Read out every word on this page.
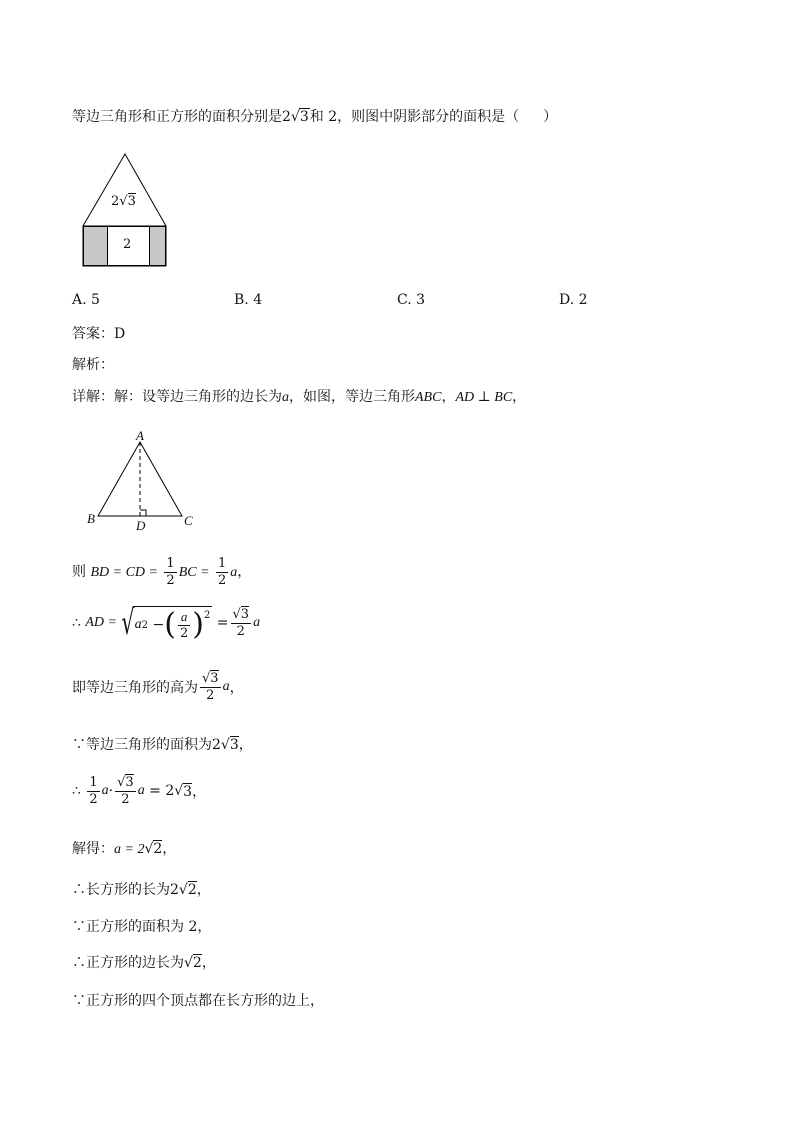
等边三角形和正方形的面积分别是2√3和 2，则图中阴影部分的面积是（ ）
2√3
2
A. 5	B. 4	C. 3	D. 2
答案：D
解析：
详解：解：设等边三角形的边长为a，如图，等边三角形ABC，AD ⊥ BC，
A
B	C
D
则 BD = CD = $\frac{1}{2}$ BC = $\frac{1}{2}$ a，
∴
AD = √ a 2
− ( $\frac{a}{2} )^2$
= $\frac{√3}{2}$ a
即等边三角形的高为 $\frac{√3}{2}$ a ，
∵等边三角形的面积为2√3，
∴
$\frac{1}{2}$ $a \cdot \frac{√3}{2}$ a
= 2 √ 3 ，
解得：a = 2√2，
∴长方形的长为2√2，
∵正方形的面积为 2，
∴正方形的边长为√2，
∵正方形的四个顶点都在长方形的边上，
